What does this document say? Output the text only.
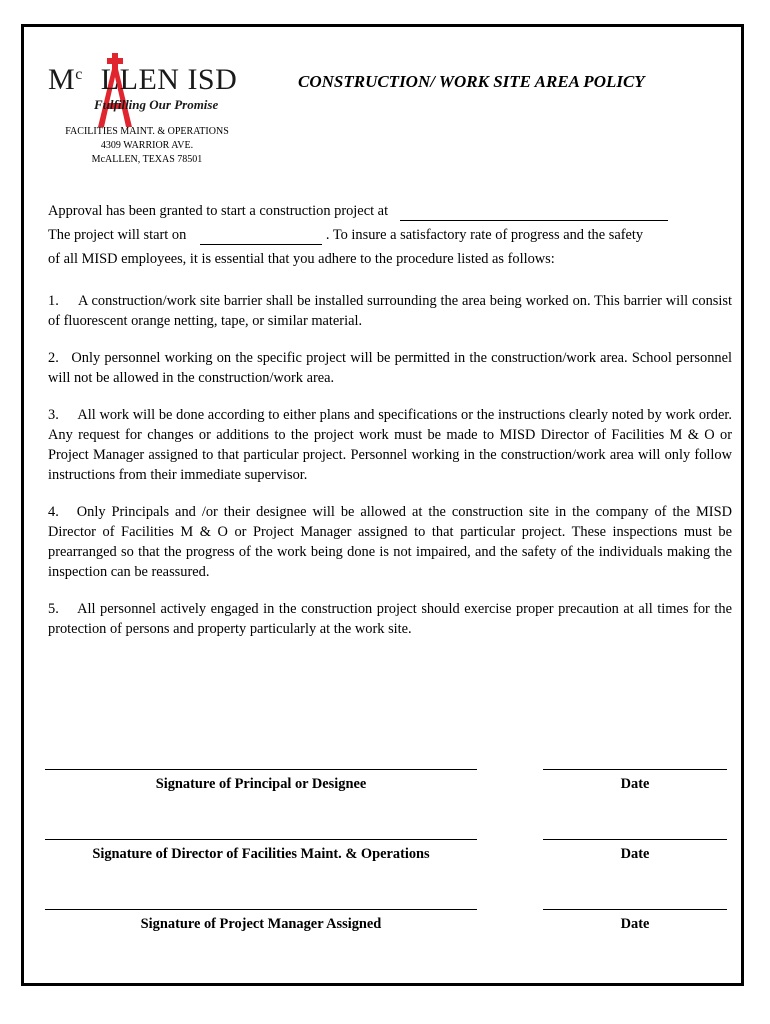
$M^c$ LLEN ISD
Fulfilling Our Promise
CONSTRUCTION/ WORK SITE AREA POLICY
FACILITIES MAINT. & OPERATIONS
4309 WARRIOR AVE.
McALLEN, TEXAS 78501
Approval has been granted to start a construction project at
The project will start on	. To insure a satisfactory rate of progress and the safety
of all MISD employees, it is essential that you adhere to the procedure listed as follows:

1.     A construction/work site barrier shall be installed surrounding the area being worked on. This barrier will consist of fluorescent orange netting, tape, or similar material.

2.   Only personnel working on the specific project will be permitted in the construction/work area. School personnel will not be allowed in the construction/work area.

3.     All work will be done according to either plans and specifications or the instructions clearly noted by work order. Any request for changes or additions to the project work must be made to MISD Director of Facilities M & O or Project Manager assigned to that particular project. Personnel working in the construction/work area will only follow instructions from their immediate supervisor.

4.   Only Principals and /or their designee will be allowed at the construction site in the company of the MISD Director of Facilities M & O or Project Manager assigned to that particular project. These inspections must be prearranged so that the progress of the work being done is not impaired, and the safety of the individuals making the inspection can be reassured.

5.    All personnel actively engaged in the construction project should exercise proper precaution at all times for the protection of persons and property particularly at the work site.

Signature of Principal or Designee	Date
Signature of Director of Facilities Maint. & Operations	Date
Signature of Project Manager Assigned	Date
